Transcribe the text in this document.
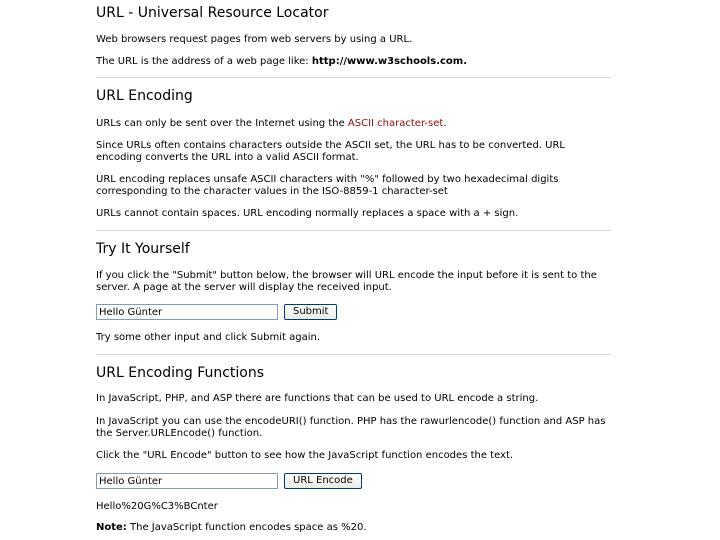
URL - Universal Resource Locator

Web browsers request pages from web servers by using a URL.

The URL is the address of a web page like: http://www.w3schools.com.

URL Encoding

URLs can only be sent over the Internet using the ASCII character-set.

Since URLs often contains characters outside the ASCII set, the URL has to be converted. URL encoding converts the URL into a valid ASCII format.

URL encoding replaces unsafe ASCII characters with "%" followed by two hexadecimal digits corresponding to the character values in the ISO-8859-1 character-set

URLs cannot contain spaces. URL encoding normally replaces a space with a + sign.

Try It Yourself

If you click the "Submit" button below, the browser will URL encode the input before it is sent to the server. A page at the server will display the received input.

Hello Günter
Submit

Try some other input and click Submit again.

URL Encoding Functions

In JavaScript, PHP, and ASP there are functions that can be used to URL encode a string.

In JavaScript you can use the encodeURI() function. PHP has the rawurlencode() function and ASP has the Server.URLEncode() function.

Click the "URL Encode" button to see how the JavaScript function encodes the text.

Hello Günter
URL Encode

Hello%20G%C3%BCnter

Note: The JavaScript function encodes space as %20.
